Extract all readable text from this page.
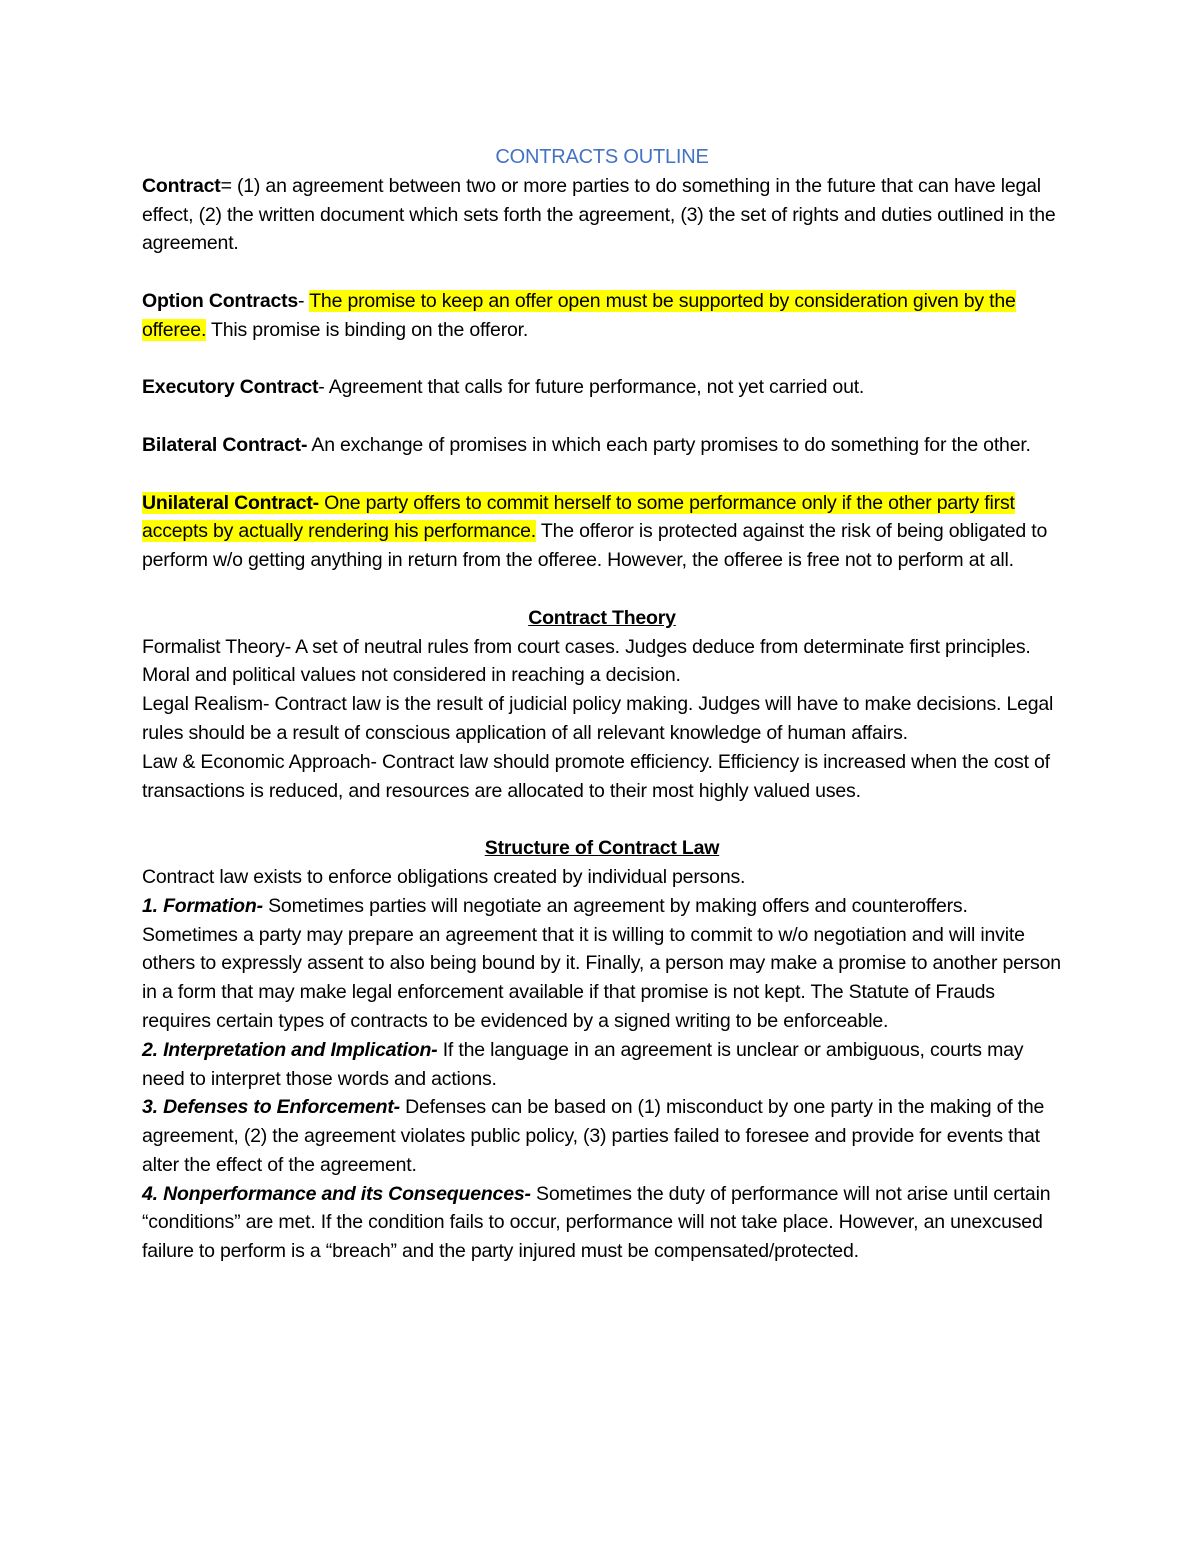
CONTRACTS OUTLINE

Contract= (1) an agreement between two or more parties to do something in the future that can have legal effect, (2) the written document which sets forth the agreement, (3) the set of rights and duties outlined in the agreement.

Option Contracts- The promise to keep an offer open must be supported by consideration given by the offeree. This promise is binding on the offeror.

Executory Contract- Agreement that calls for future performance, not yet carried out.

Bilateral Contract- An exchange of promises in which each party promises to do something for the other.

Unilateral Contract- One party offers to commit herself to some performance only if the other party first accepts by actually rendering his performance. The offeror is protected against the risk of being obligated to perform w/o getting anything in return from the offeree. However, the offeree is free not to perform at all.

Contract Theory

Formalist Theory- A set of neutral rules from court cases. Judges deduce from determinate first principles. Moral and political values not considered in reaching a decision.

Legal Realism- Contract law is the result of judicial policy making. Judges will have to make decisions. Legal rules should be a result of conscious application of all relevant knowledge of human affairs.

Law & Economic Approach- Contract law should promote efficiency. Efficiency is increased when the cost of transactions is reduced, and resources are allocated to their most highly valued uses.

Structure of Contract Law

Contract law exists to enforce obligations created by individual persons.

1. Formation- Sometimes parties will negotiate an agreement by making offers and counteroffers. Sometimes a party may prepare an agreement that it is willing to commit to w/o negotiation and will invite others to expressly assent to also being bound by it. Finally, a person may make a promise to another person in a form that may make legal enforcement available if that promise is not kept. The Statute of Frauds requires certain types of contracts to be evidenced by a signed writing to be enforceable.

2. Interpretation and Implication- If the language in an agreement is unclear or ambiguous, courts may need to interpret those words and actions.

3. Defenses to Enforcement- Defenses can be based on (1) misconduct by one party in the making of the agreement, (2) the agreement violates public policy, (3) parties failed to foresee and provide for events that alter the effect of the agreement.

4. Nonperformance and its Consequences- Sometimes the duty of performance will not arise until certain “conditions” are met. If the condition fails to occur, performance will not take place. However, an unexcused failure to perform is a “breach” and the party injured must be compensated/protected.
